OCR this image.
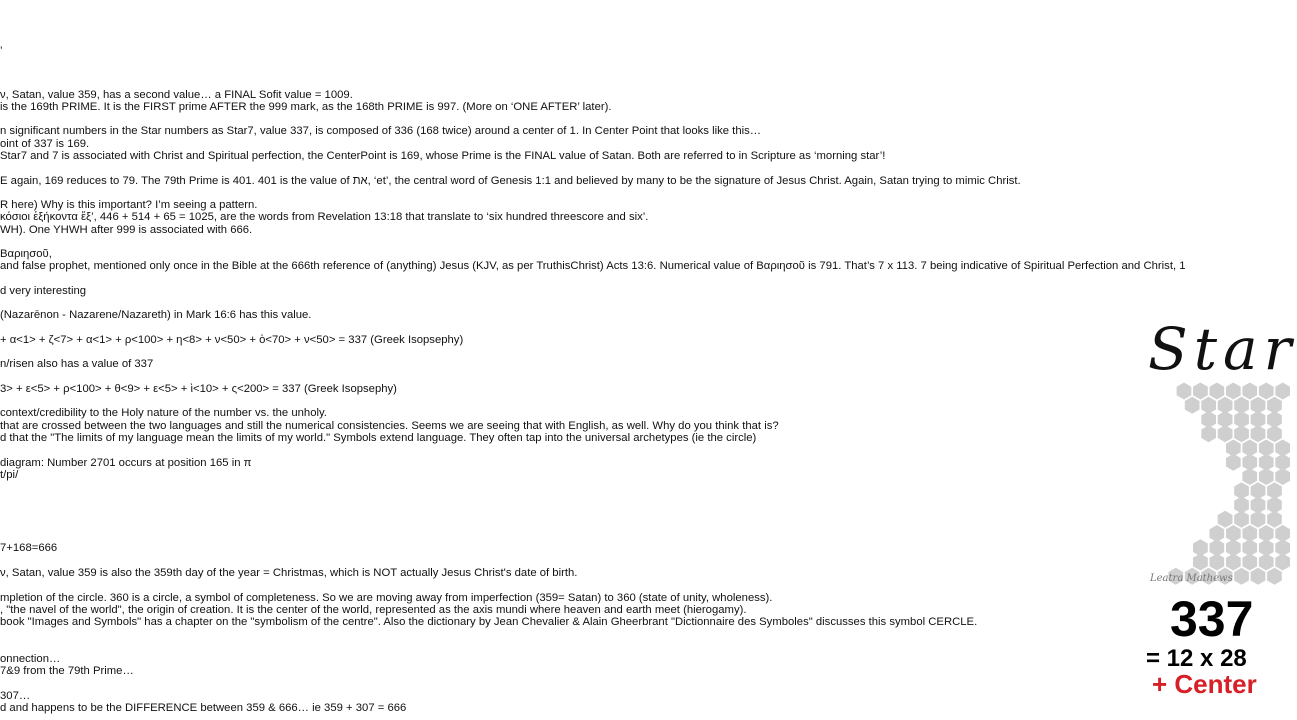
’
ν, Satan, value 359, has a second value… a FINAL Sofit value = 1009.
is the 169th PRIME. It is the FIRST prime AFTER the 999 mark, as the 168th PRIME is 997. (More on ‘ONE AFTER’ later).
n significant numbers in the Star numbers as Star7, value 337, is composed of 336 (168 twice) around a center of 1. In Center Point that looks like this…
oint of 337 is 169.
Star7 and 7 is associated with Christ and Spiritual perfection, the CenterPoint is 169, whose Prime is the FINAL value of Satan. Both are referred to in Scripture as ‘morning star’!
E again, 169 reduces to 79. The 79th Prime is 401. 401 is the value of את, ‘et’, the central word of Genesis 1:1 and believed by many to be the signature of Jesus Christ. Again, Satan trying to mimic Christ.
R here) Why is this important? I’m seeing a pattern.
κόσιοι ἑξήκοντα ἕξ’, 446 + 514 + 65 = 1025, are the words from Revelation 13:18 that translate to ‘six hundred threescore and six’.
WH). One YHWH after 999 is associated with 666.
Βαριησοῦ,
and false prophet, mentioned only once in the Bible at the 666th reference of (anything) Jesus (KJV, as per TruthisChrist) Acts 13:6. Numerical value of Βαριησοῦ is 791. That’s 7 x 113. 7 being indicative of Spiritual Perfection and Christ, 1
d very interesting
(Nazarēnon - Nazarene/Nazareth) in Mark 16:6 has this value.
+ α<1> + ζ<7> + α<1> + ρ<100> + η<8> + ν<50> + ὸ<70> + ν<50> = 337 (Greek Isopsephy)
n/risen also has a value of 337
3> + ε<5> + ρ<100> + θ<9> + ε<5> + ὶ<10> + ς<200> = 337 (Greek Isopsephy)
context/credibility to the Holy nature of the number vs. the unholy.
that are crossed between the two languages and still the numerical consistencies. Seems we are seeing that with English, as well. Why do you think that is?
d that the "The limits of my language mean the limits of my world." Symbols extend language. They often tap into the universal archetypes (ie the circle)
diagram: Number 2701 occurs at position 165 in π
t/pi/
7+168=666
ν, Satan, value 359 is also the 359th day of the year = Christmas, which is NOT actually Jesus Christ's date of birth.
mpletion of the circle. 360 is a circle, a symbol of completeness. So we are moving away from imperfection (359= Satan) to 360 (state of unity, wholeness).
, "the navel of the world", the origin of creation. It is the center of the world, represented as the axis mundi where heaven and earth meet (hierogamy).
book "Images and Symbols" has a chapter on the "symbolism of the centre". Also the dictionary by Jean Chevalier & Alain Gheerbrant "Dictionnaire des Symboles" discusses this symbol CERCLE.
onnection…
7&9 from the 79th Prime…
307…
d and happens to be the DIFFERENCE between 359 & 666… ie 359 + 307 = 666
Star
Leatra Mathews
337
= 12 x 28
+ Center
